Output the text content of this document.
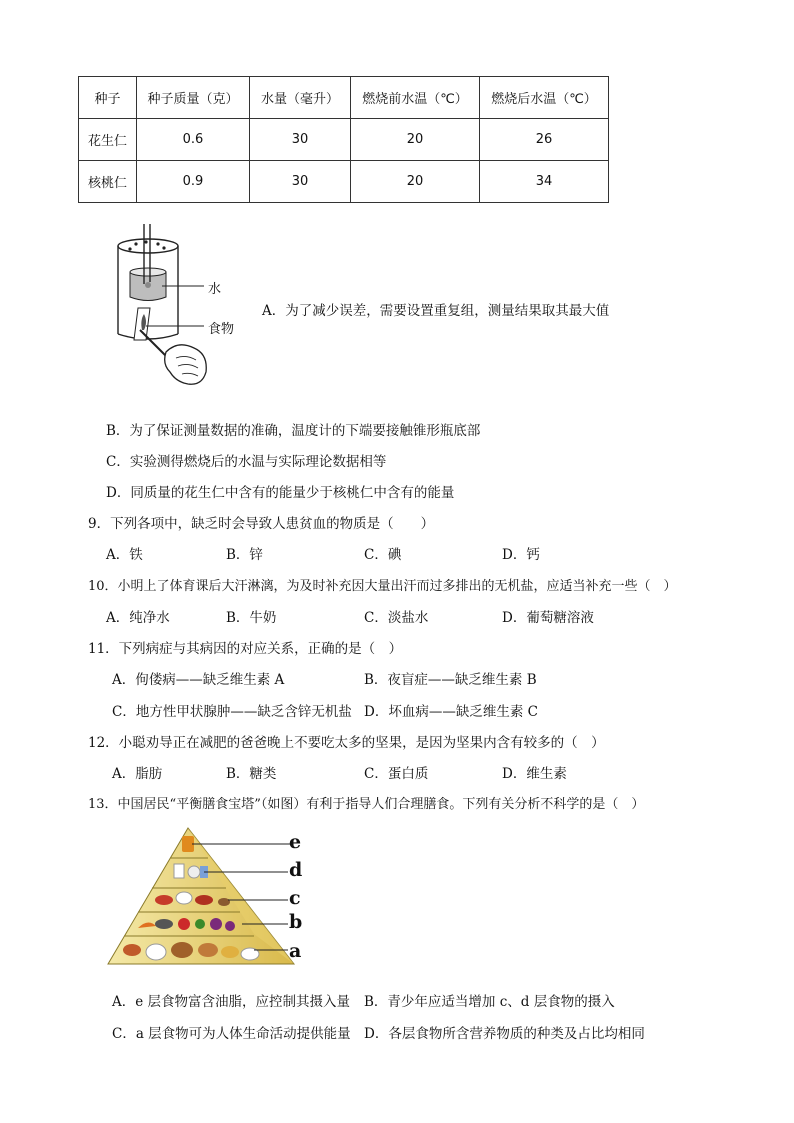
种子	种子质量（克）	水量（毫升）	燃烧前水温（℃）	燃烧后水温（℃）
花生仁	0.6	30	20	26
核桃仁	0.9	30	20	34
水
食物
A．为了减少误差，需要设置重复组，测量结果取其最大值
B．为了保证测量数据的准确，温度计的下端要接触锥形瓶底部
C．实验测得燃烧后的水温与实际理论数据相等
D．同质量的花生仁中含有的能量少于核桃仁中含有的能量
9．下列各项中，缺乏时会导致人患贫血的物质是（　　）
A．铁	B．锌	C．碘	D．钙
10．小明上了体育课后大汗淋漓，为及时补充因大量出汗而过多排出的无机盐，应适当补充一些（　）
A．纯净水	B．牛奶	C．淡盐水	D．葡萄糖溶液
11．下列病症与其病因的对应关系，正确的是（　）
A．佝偻病——缺乏维生素 A	B．夜盲症——缺乏维生素 B
C．地方性甲状腺肿——缺乏含锌无机盐 D．坏血病——缺乏维生素 C
12．小聪劝导正在减肥的爸爸晚上不要吃太多的坚果，是因为坚果内含有较多的（　）
A．脂肪	B．糖类	C．蛋白质	D．维生素
13．中国居民“平衡膳食宝塔”（如图）有利于指导人们合理膳食。下列有关分析不科学的是（　）
e
d
c
b
a
A．e 层食物富含油脂，应控制其摄入量 B．青少年应适当增加 c、d 层食物的摄入
C．a 层食物可为人体生命活动提供能量 D．各层食物所含营养物质的种类及占比均相同
